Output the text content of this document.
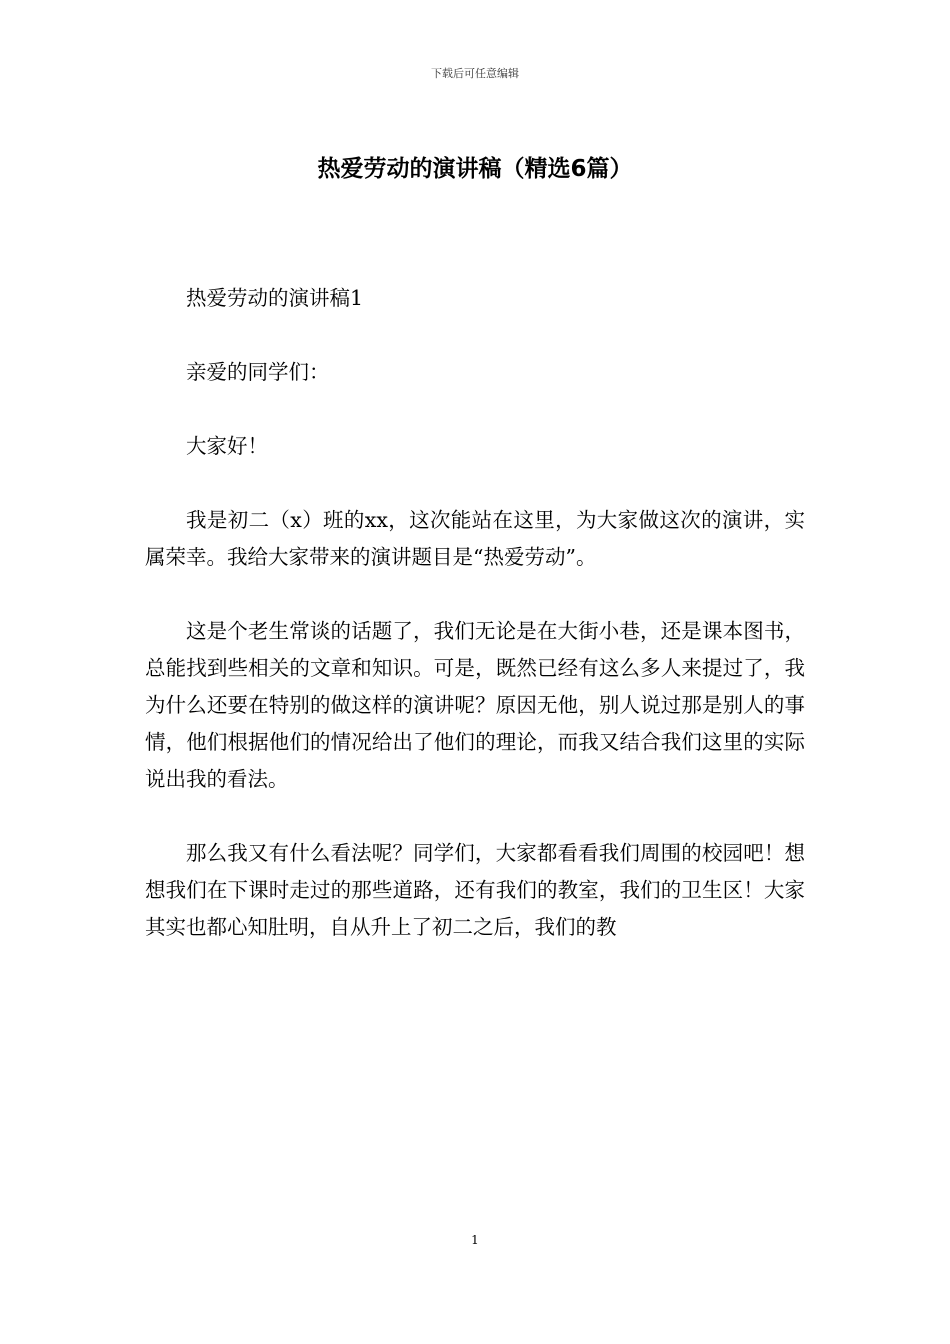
下载后可任意编辑
热爱劳动的演讲稿（精选6篇）

热爱劳动的演讲稿1

亲爱的同学们：

大家好！

我是初二（x）班的xx，这次能站在这里，为大家做这次的演讲，实属荣幸。我给大家带来的演讲题目是“热爱劳动”。

这是个老生常谈的话题了，我们无论是在大街小巷，还是课本图书，总能找到些相关的文章和知识。可是，既然已经有这么多人来提过了，我为什么还要在特别的做这样的演讲呢？原因无他，别人说过那是别人的事情，他们根据他们的情况给出了他们的理论，而我又结合我们这里的实际说出我的看法。

那么我又有什么看法呢？同学们，大家都看看我们周围的校园吧！想想我们在下课时走过的那些道路，还有我们的教室，我们的卫生区！大家其实也都心知肚明，自从升上了初二之后，我们的教

1
